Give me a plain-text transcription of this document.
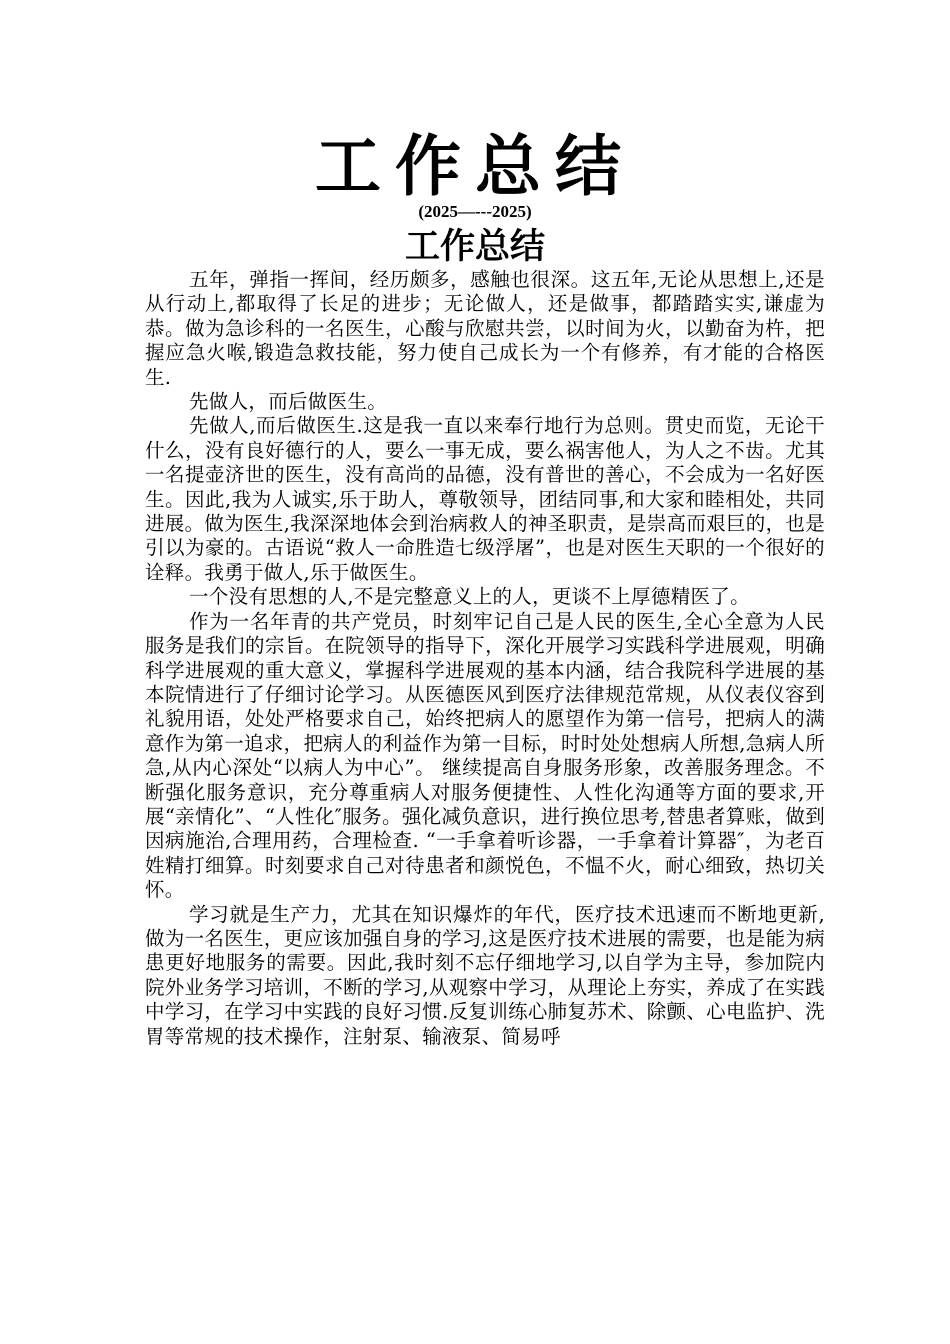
工作总结
(2025—---2025)
工作总结

五年，弹指一挥间，经历颇多，感触也很深。这五年,无论从思想上,还是从行动上,都取得了长足的进步；无论做人，还是做事，都踏踏实实,谦虚为恭。做为急诊科的一名医生，心酸与欣慰共尝，以时间为火，以勤奋为杵，把握应急火喉,锻造急救技能，努力使自己成长为一个有修养，有才能的合格医生.

先做人，而后做医生。

先做人,而后做医生.这是我一直以来奉行地行为总则。贯史而览，无论干什么，没有良好德行的人，要么一事无成，要么祸害他人，为人之不齿。尤其一名提壶济世的医生，没有高尚的品德，没有普世的善心，不会成为一名好医生。因此,我为人诚实,乐于助人，尊敬领导，团结同事,和大家和睦相处，共同进展。做为医生,我深深地体会到治病救人的神圣职责，是崇高而艰巨的，也是引以为豪的。古语说“救人一命胜造七级浮屠”，也是对医生天职的一个很好的诠释。我勇于做人,乐于做医生。

一个没有思想的人,不是完整意义上的人，更谈不上厚德精医了。

作为一名年青的共产党员，时刻牢记自己是人民的医生,全心全意为人民服务是我们的宗旨。在院领导的指导下，深化开展学习实践科学进展观，明确科学进展观的重大意义，掌握科学进展观的基本内涵，结合我院科学进展的基本院情进行了仔细讨论学习。从医德医风到医疗法律规范常规，从仪表仪容到礼貌用语，处处严格要求自己，始终把病人的愿望作为第一信号，把病人的满意作为第一追求，把病人的利益作为第一目标，时时处处想病人所想,急病人所急,从内心深处“以病人为中心”。 继续提高自身服务形象，改善服务理念。不断强化服务意识，充分尊重病人对服务便捷性、人性化沟通等方面的要求,开展“亲情化”、“人性化″服务。强化减负意识，进行换位思考,替患者算账，做到因病施治,合理用药，合理检查. “一手拿着听诊器，一手拿着计算器″，为老百姓精打细算。时刻要求自己对待患者和颜悦色，不愠不火，耐心细致，热切关怀。

学习就是生产力，尤其在知识爆炸的年代，医疗技术迅速而不断地更新,做为一名医生，更应该加强自身的学习,这是医疗技术进展的需要，也是能为病患更好地服务的需要。因此,我时刻不忘仔细地学习,以自学为主导，参加院内院外业务学习培训，不断的学习,从观察中学习，从理论上夯实，养成了在实践中学习，在学习中实践的良好习惯.反复训练心肺复苏术、除颤、心电监护、洗胃等常规的技术操作，注射泵、输液泵、简易呼
